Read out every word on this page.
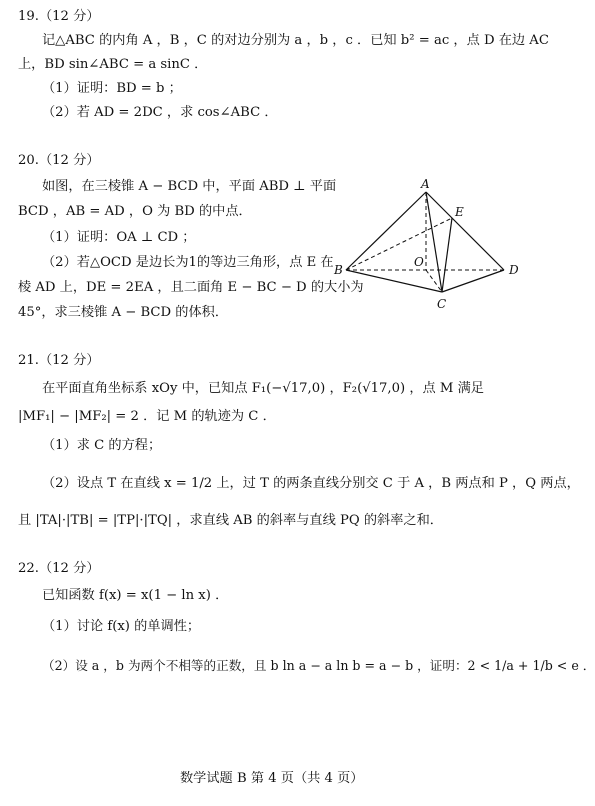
19.（12 分）
记△ABC 的内角 A ，B ，C 的对边分别为 a ，b ，c ．已知 b² = ac ，点 D 在边 AC
上，BD sin∠ABC = a sinC ．
（1）证明：BD = b ；
（2）若 AD = 2DC ，求 cos∠ABC ．
20.（12 分）
如图，在三棱锥 A − BCD 中，平面 ABD ⊥ 平面
BCD ，AB = AD ，O 为 BD 的中点．
（1）证明：OA ⊥ CD ；
（2）若△OCD 是边长为1的等边三角形，点 E 在
棱 AD 上，DE = 2EA ，且二面角 E − BC − D 的大小为
45°，求三棱锥 A − BCD 的体积．
A
B
C
D
E
O
21.（12 分）
在平面直角坐标系 xOy 中，已知点 F₁(−√17,0) ，F₂(√17,0) ，点 M 满足
|MF₁| − |MF₂| = 2 ．记 M 的轨迹为 C ．
（1）求 C 的方程；
（2）设点 T 在直线 x = 1/2 上，过 T 的两条直线分别交 C 于 A ，B 两点和 P ，Q 两点，
且 |TA|·|TB| = |TP|·|TQ| ，求直线 AB 的斜率与直线 PQ 的斜率之和．
22.（12 分）
已知函数 f(x) = x(1 − ln x) ．
（1）讨论 f(x) 的单调性；
（2）设 a ，b 为两个不相等的正数，且 b ln a − a ln b = a − b ，证明：2 < 1/a + 1/b < e ．
数学试题 B 第 4 页（共 4 页）
